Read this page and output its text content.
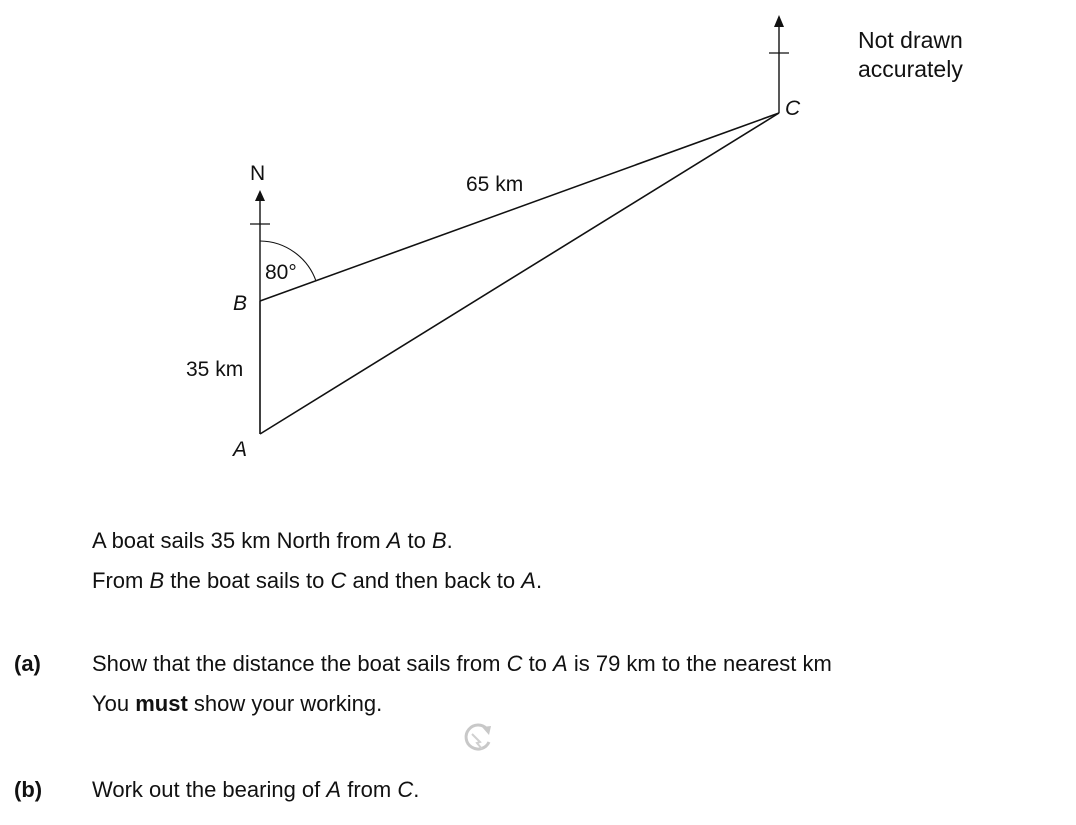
N
80°
65 km
35 km
B
A
C
Not drawn
accurately
A boat sails 35 km North from A to B.
From B the boat sails to C and then back to A.
(a) Show that the distance the boat sails from C to A is 79 km to the nearest km
You must show your working.
(b) Work out the bearing of A from C.
